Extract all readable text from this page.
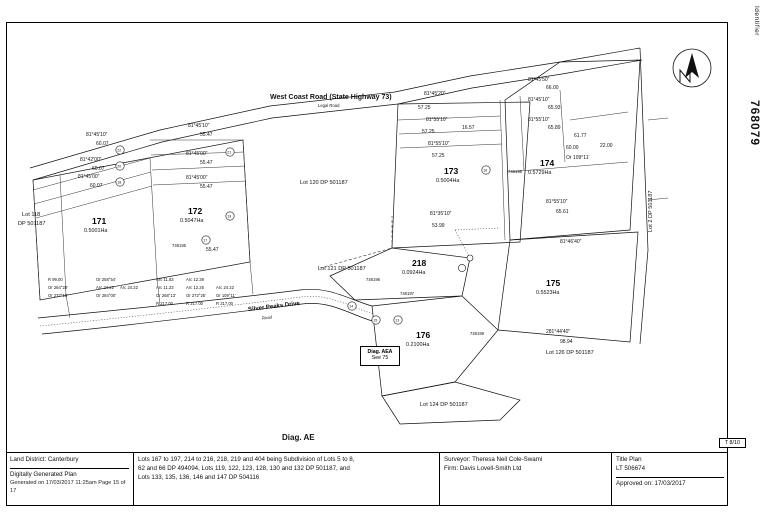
Identifier
768079
22
20
18
21
19
17
16
14
15	13
West Coast Road (State Highway 73)
Legal Road
Silver Peaks Drive
Road
171
0.5001Ha
172
0.5047Ha
173
0.5004Ha
174
0.5729Ha
175
0.5523Ha
176
0.2100Ha
218
0.0924Ha
Lot 118
DP 501187
Lot 120 DP 501187
Lot 121 DP 501187
Lot 124 DP 501187
Lot 126 DP 501187
Lot 2 DP 501187
Diag. AE
Diag. AEA
See 75
T 8/10
81°45'10"
60.07
81°42'00"
60.07
81°45'00"
60.07
81°45'10"
55.47
81°45'00"
55.47
81°45'00"
55.47
55.47
81°45'20"
57.25
81°55'10"
57.25
81°55'10"
57.25
81°35'10"
53.99
81°45'50"
66.00
81°45'10"
65.93
81°55'10"
65.89
81°55'10"
65.61
81°46'40"
281°44'40"
98.94
16.57
61.77
60.00	22.00
Or 109°11'
Arc 11.83	Arc 12.39
Arc 11.23	Arc 12.25	Arc 24.22
Or 268°13' Or 272°25'
R 217.00	R 217.00	R 217.00
R 99.00	Or 258°54'
Or 264°28'	Arc 24.22 Arc 24.22
Or 277°15'	Or 284°00'	Or 109°11'
748199
748198
748195
748196
748197
Land District: Canterbury
Digitally Generated Plan
Generated on 17/03/2017 11:25am Page 15 of 17
Lots 167 to 197, 214 to 216, 218, 219 and 404 being Subdivision of Lots 5 to 8,
62 and 66 DP 494094, Lots 119, 122, 123, 128, 130 and 132 DP 501187, and
Lots 133, 135, 136, 146 and 147 DP 504116
Surveyor: Theresa Neil Cole-Swami
Firm: Davis Lovell-Smith Ltd
Title Plan
LT 506674
Approved on: 17/03/2017
